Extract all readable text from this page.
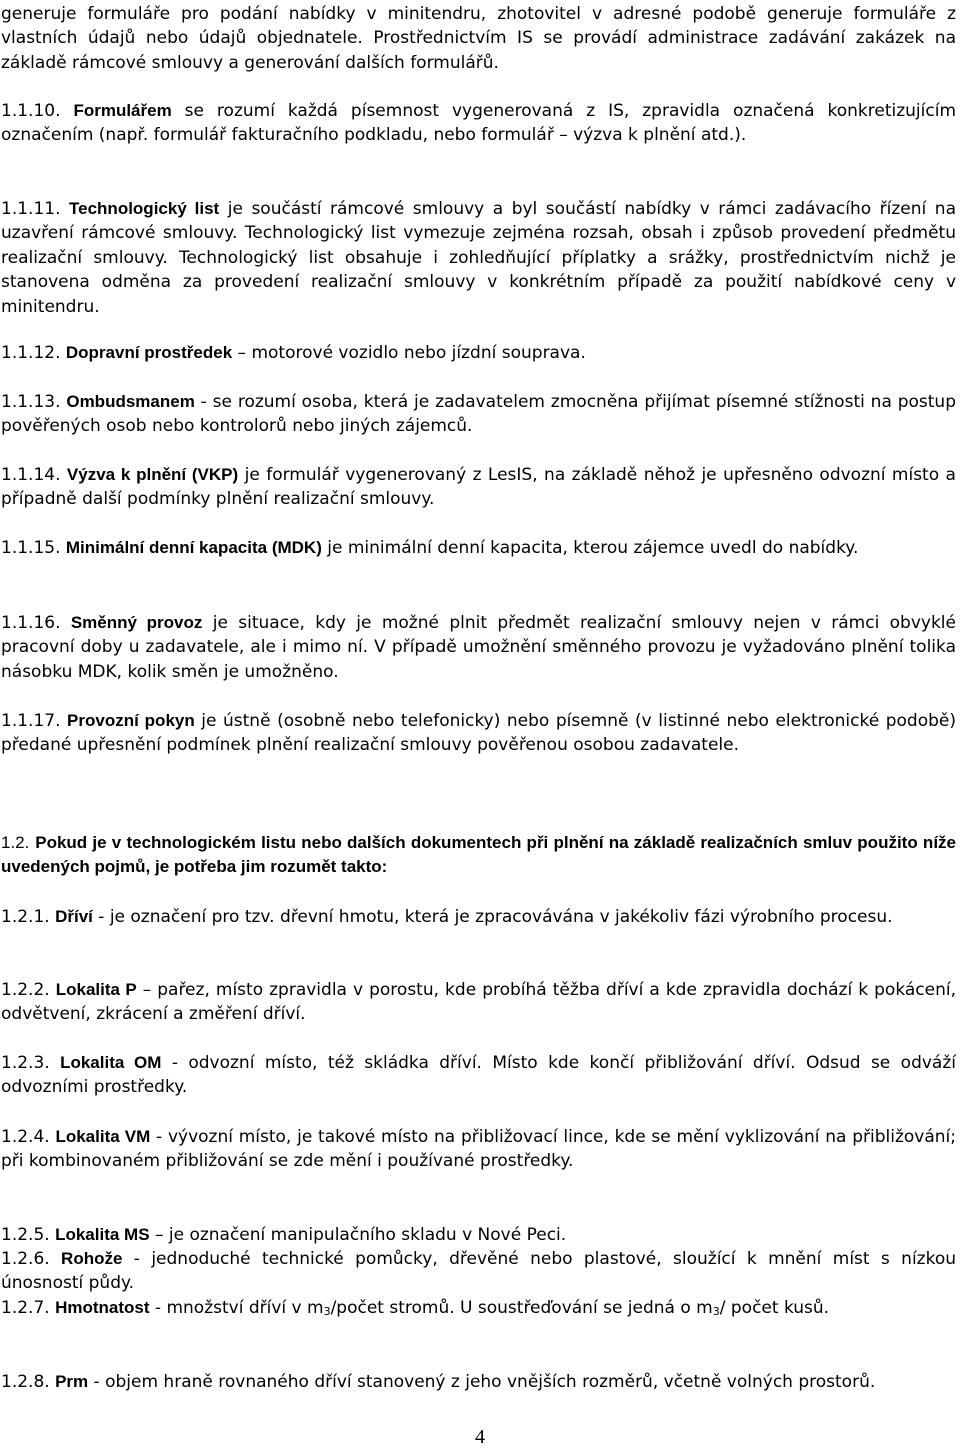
generuje formuláře pro podání nabídky v minitendru, zhotovitel v adresné podobě generuje formuláře z vlastních údajů nebo údajů objednatele. Prostřednictvím IS se provádí administrace zadávání zakázek na základě rámcové smlouvy a generování dalších formulářů.

1.1.10. Formulářem se rozumí každá písemnost vygenerovaná z IS, zpravidla označená konkretizujícím označením (např. formulář fakturačního podkladu, nebo formulář – výzva k plnění atd.).

1.1.11. Technologický list je součástí rámcové smlouvy a byl součástí nabídky v rámci zadávacího řízení na uzavření rámcové smlouvy. Technologický list vymezuje zejména rozsah, obsah i způsob provedení předmětu realizační smlouvy. Technologický list obsahuje i zohledňující příplatky a srážky, prostřednictvím nichž je stanovena odměna za provedení realizační smlouvy v konkrétním případě za použití nabídkové ceny v minitendru.

1.1.12. Dopravní prostředek – motorové vozidlo nebo jízdní souprava.

1.1.13. Ombudsmanem - se rozumí osoba, která je zadavatelem zmocněna přijímat písemné stížnosti na postup pověřených osob nebo kontrolorů nebo jiných zájemců.

1.1.14. Výzva k plnění (VKP) je formulář vygenerovaný z LesIS, na základě něhož je upřesněno odvozní místo a případně další podmínky plnění realizační smlouvy.

1.1.15. Minimální denní kapacita (MDK) je minimální denní kapacita, kterou zájemce uvedl do nabídky.

1.1.16. Směnný provoz je situace, kdy je možné plnit předmět realizační smlouvy nejen v rámci obvyklé pracovní doby u zadavatele, ale i mimo ní. V případě umožnění směnného provozu je vyžadováno plnění tolika násobku MDK, kolik směn je umožněno.

1.1.17. Provozní pokyn je ústně (osobně nebo telefonicky) nebo písemně (v listinné nebo elektronické podobě) předané upřesnění podmínek plnění realizační smlouvy pověřenou osobou zadavatele.

1.2. Pokud je v technologickém listu nebo dalších dokumentech při plnění na základě realizačních smluv použito níže uvedených pojmů, je potřeba jim rozumět takto:

1.2.1. Dříví - je označení pro tzv. dřevní hmotu, která je zpracovávána v jakékoliv fázi výrobního procesu.

1.2.2. Lokalita P – pařez, místo zpravidla v porostu, kde probíhá těžba dříví a kde zpravidla dochází k pokácení, odvětvení, zkrácení a změření dříví.

1.2.3. Lokalita OM - odvozní místo, též skládka dříví. Místo kde končí přibližování dříví. Odsud se odváží odvozními prostředky.

1.2.4. Lokalita VM - vývozní místo, je takové místo na přibližovací lince, kde se mění vyklizování na přibližování; při kombinovaném přibližování se zde mění i používané prostředky.

1.2.5. Lokalita MS – je označení manipulačního skladu v Nové Peci.

1.2.6. Rohože - jednoduché technické pomůcky, dřevěné nebo plastové, sloužící k mnění míst s nízkou únosností půdy.

1.2.7. Hmotnatost - množství dříví v m3/počet stromů. U soustřeďování se jedná o m3/ počet kusů.

1.2.8. Prm - objem hraně rovnaného dříví stanovený z jeho vnějších rozměrů, včetně volných prostorů.

4
